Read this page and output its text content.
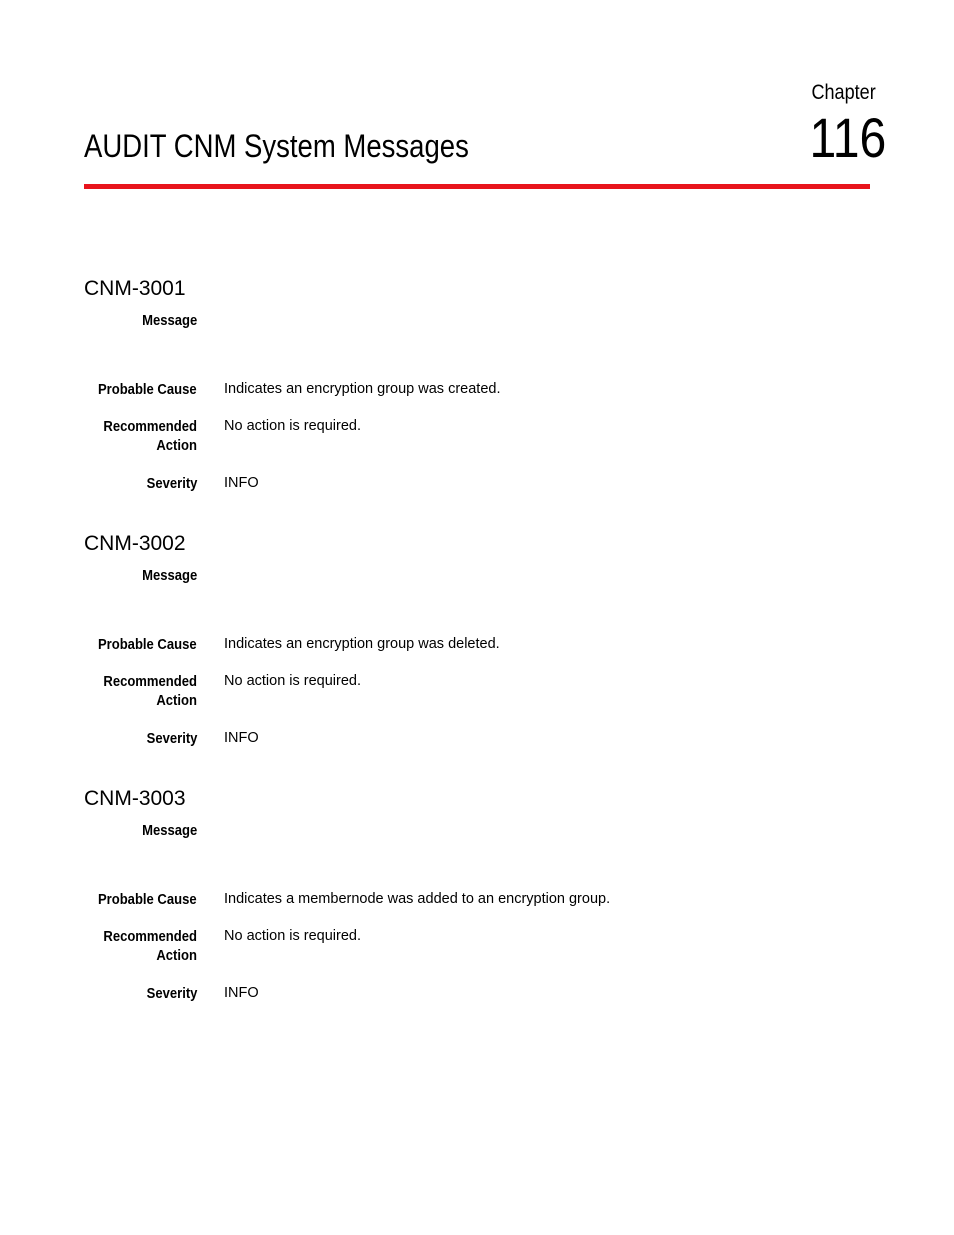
Chapter
116
AUDIT CNM System Messages
CNM-3001
Message
Probable Cause Indicates an encryption group was created.
Recommended
Action
No action is required.
Severity INFO
CNM-3002
Message
Probable Cause Indicates an encryption group was deleted.
Recommended
Action
No action is required.
Severity INFO
CNM-3003
Message
Probable Cause Indicates a membernode was added to an encryption group.
Recommended
Action
No action is required.
Severity INFO
